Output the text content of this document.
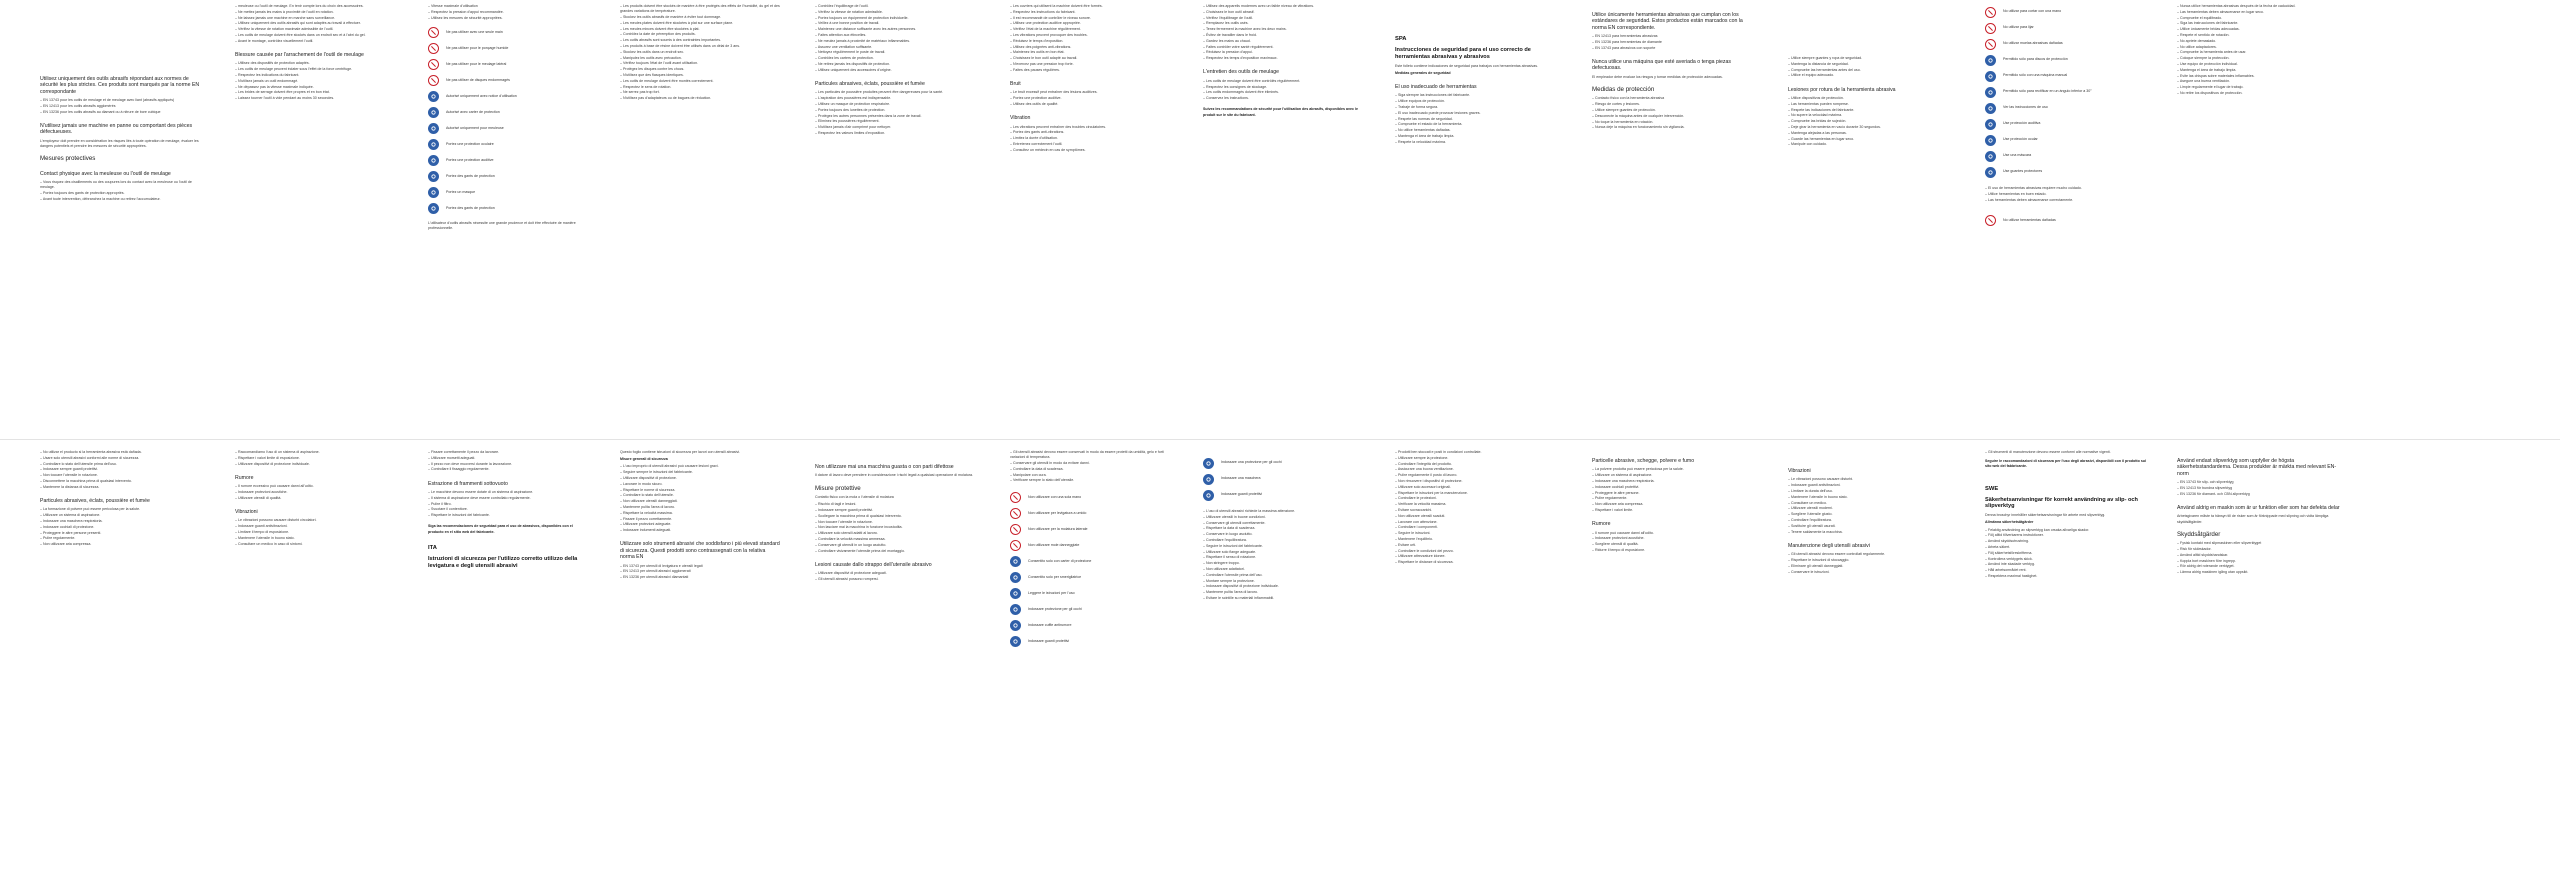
Utilisez uniquement des outils abrasifs répondant aux normes de sécurité les plus strictes. Ces produits sont marqués par la norme EN correspondante
– EN 13743 pour les outils de meulage et de meulage avec liant (abrasifs appliqués)
– EN 12413 pour les outils abrasifs agglomérés
– EN 13236 pour les outils abrasifs au diamant ou à nitrure de bore cubique
N'utilisez jamais une machine en panne ou comportant des pièces défectueuses.

L'employeur doit prendre en considération les risques liés à toute opération de meulage, évaluer les dangers potentiels et prendre les mesures de sécurité appropriées.

Mesures protectives
Contact physique avec la meuleuse ou l'outil de meulage
– Vous risquez des cisaillements ou des coupures lors du contact avec la meuleuse ou l'outil de meulage.
– Portez toujours des gants de protection appropriés.
– Avant toute intervention, débranchez la machine ou retirez l'accumulateur.
– meuleuse ou l'outil de meulage. En tenir compte lors du choix des accessoires.
– Ne mettez jamais les mains à proximité de l'outil en rotation.
– Ne laissez jamais une machine en marche sans surveillance.
– Utilisez uniquement des outils abrasifs qui sont adaptés au travail à effectuer.
– Vérifiez la vitesse de rotation maximale admissible de l'outil.
– Les outils de meulage doivent être stockés dans un endroit sec et à l'abri du gel.
– Avant le montage, contrôlez visuellement l'outil.
Blessure causée par l'arrachement de l'outil de meulage
– Utilisez des dispositifs de protection adaptés.
– Les outils de meulage peuvent éclater sous l'effet de la force centrifuge.
– Respectez les indications du fabricant.
– N'utilisez jamais un outil endommagé.
– Ne dépassez pas la vitesse maximale indiquée.
– Les brides de serrage doivent être propres et en bon état.
– Laissez tourner l'outil à vide pendant au moins 30 secondes.
– Vitesse maximale d'utilisation
– Respectez la pression d'appui recommandée.
– Utilisez les mesures de sécurité appropriées.
Ne pas utiliser avec une seule main
Ne pas utiliser pour le ponçage humide
Ne pas utiliser pour le meulage latéral
Ne pas utiliser de disques endommagés
Autorisé uniquement avec notice d'utilisation
Autorisé avec carter de protection
Autorisé uniquement pour meuleuse
Portez une protection oculaire
Portez une protection auditive
Portez des gants de protection
Portez un masque
Portez des gants de protection

L'utilisateur d'outils abrasifs nécessite une grande prudence et doit être effectuée de manière professionnelle.

– Les produits doivent être stockés de manière à être protégés des effets de l'humidité, du gel et des grandes variations de température.
– Stockez les outils abrasifs de manière à éviter tout dommage.
– Les meules plates doivent être stockées à plat sur une surface plane.
– Les meules minces doivent être stockées à plat.
– Contrôlez la date de péremption des produits.
– Les outils abrasifs sont soumis à des contraintes importantes.
– Les produits à base de résine doivent être utilisés dans un délai de 3 ans.
– Stockez les outils dans un endroit sec.
– Manipulez les outils avec précaution.
– Vérifiez toujours l'état de l'outil avant utilisation.
– Protégez les disques contre les chocs.
– N'utilisez que des flasques identiques.
– Les outils de meulage doivent être montés correctement.
– Respectez le sens de rotation.
– Ne serrez pas trop fort.
– N'utilisez pas d'adaptateurs ou de bagues de réduction.
– Contrôlez l'équilibrage de l'outil.
– Vérifiez la vitesse de rotation admissible.
– Portez toujours un équipement de protection individuelle.
– Veillez à une bonne position de travail.
– Maintenez une distance suffisante avec les autres personnes.
– Faites attention aux étincelles.
– Ne meulez jamais à proximité de matériaux inflammables.
– Assurez une ventilation suffisante.
– Nettoyez régulièrement le poste de travail.
– Contrôlez les carters de protection.
– Ne retirez jamais les dispositifs de protection.
– Utilisez uniquement des accessoires d'origine.
Particules abrasives, éclats, poussière et fumée
– Les particules de poussière produites peuvent être dangereuses pour la santé.
– L'aspiration des poussières est indispensable.
– Utilisez un masque de protection respiratoire.
– Portez toujours des lunettes de protection.
– Protégez les autres personnes présentes dans la zone de travail.
– Eliminez les poussières régulièrement.
– N'utilisez jamais d'air comprimé pour nettoyer.
– Respectez les valeurs limites d'exposition.
– Les ouvriers qui utilisent la machine doivent être formés.
– Respectez les instructions du fabricant.
– Il est recommandé de contrôler le niveau sonore.
– Utilisez une protection auditive appropriée.
– Vérifiez l'état de la machine régulièrement.
– Les vibrations peuvent provoquer des troubles.
– Réduisez le temps d'exposition.
– Utilisez des poignées anti-vibrations.
– Maintenez les outils en bon état.
– Choisissez le bon outil adapté au travail.
– N'exercez pas une pression trop forte.
– Faites des pauses régulières.
Bruit
– Le bruit excessif peut entraîner des lésions auditives.
– Portez une protection auditive.
– Utilisez des outils de qualité.
Vibration
– Les vibrations peuvent entraîner des troubles circulatoires.
– Portez des gants anti-vibrations.
– Limitez la durée d'utilisation.
– Entretenez correctement l'outil.
– Consultez un médecin en cas de symptômes.
– Utilisez des appareils modernes avec un faible niveau de vibrations.
– Choisissez le bon outil abrasif.
– Vérifiez l'équilibrage de l'outil.
– Remplacez les outils usés.
– Tenez fermement la machine avec les deux mains.
– Évitez de travailler dans le froid.
– Gardez les mains au chaud.
– Faites contrôler votre santé régulièrement.
– Réduisez la pression d'appui.
– Respectez les temps d'exposition maximaux.
L'entretien des outils de meulage
– Les outils de meulage doivent être contrôlés régulièrement.
– Respectez les consignes de stockage.
– Les outils endommagés doivent être éliminés.
– Conservez les instructions.

Suivez les recommandations de sécurité pour l'utilisation des abrasifs, disponibles avec le produit sur le site du fabricant.

SPA
Instrucciones de seguridad para el uso correcto de herramientas abrasivas y abrasivos

Este folleto contiene indicaciones de seguridad para trabajos con herramientas abrasivas.

Medidas generales de seguridad

El uso inadecuado de herramientas
– Siga siempre las instrucciones del fabricante.
– Utilice equipos de protección.
– Trabaje de forma segura.
– El uso inadecuado puede provocar lesiones graves.
– Respete las normas de seguridad.
– Compruebe el estado de la herramienta.
– No utilice herramientas dañadas.
– Mantenga el área de trabajo limpia.
– Respete la velocidad máxima.
Utilice únicamente herramientas abrasivas que cumplan con los estándares de seguridad. Estos productos están marcados con la norma EN correspondiente.
– EN 12413 para herramientas abrasivas
– EN 13236 para herramientas de diamante
– EN 13743 para abrasivos con soporte
Nunca utilice una máquina que esté averiada o tenga piezas defectuosas.

El empleador debe evaluar los riesgos y tomar medidas de protección adecuadas.

Medidas de protección
– Contacto físico con la herramienta abrasiva
– Riesgo de cortes y lesiones.
– Utilice siempre guantes de protección.
– Desconecte la máquina antes de cualquier intervención.
– No toque la herramienta en rotación.
– Nunca deje la máquina en funcionamiento sin vigilancia.
– Utilice siempre guantes y ropa de seguridad.
– Mantenga la distancia de seguridad.
– Compruebe las herramientas antes del uso.
– Utilice el equipo adecuado.
Lesiones por rotura de la herramienta abrasiva
– Utilice dispositivos de protección.
– Las herramientas pueden romperse.
– Respete las indicaciones del fabricante.
– No supere la velocidad máxima.
– Compruebe las bridas de sujeción.
– Deje girar la herramienta en vacío durante 30 segundos.
– Mantenga alejadas a las personas.
– Guarde las herramientas en lugar seco.
– Manipule con cuidado.
No utilizar para cortar con una mano
No utilizar para lijar
No utilizar muelas abrasivas dañadas
Permitido sólo para discos de protección
Permitido sólo con una máquina manual
Permitido sólo para rectificar en un ángulo inferior a 30°
Ver las instrucciones de uso
Use protección auditiva
Use protección ocular
Use una máscara
Use guantes protectores
– El uso de herramientas abrasivas requiere mucho cuidado.
– Utilice herramientas en buen estado.
– Las herramientas deben almacenarse correctamente.
No utilizar herramientas dañadas
– Nunca utilice herramientas abrasivas después de la fecha de caducidad.
– Las herramientas deben almacenarse en lugar seco.
– Compruebe el equilibrado.
– Siga las instrucciones del fabricante.
– Utilice únicamente bridas adecuadas.
– Respete el sentido de rotación.
– No apriete demasiado.
– No utilice adaptadores.
– Compruebe la herramienta antes de usar.
– Coloque siempre la protección.
– Use equipo de protección individual.
– Mantenga el área de trabajo limpia.
– Evite las chispas sobre materiales inflamables.
– Asegure una buena ventilación.
– Limpie regularmente el lugar de trabajo.
– No retire los dispositivos de protección.
– No utilizar el producto si la herramienta abrasiva está dañada.
– Usare solo utensili abrasivi conformi alle norme di sicurezza.
– Controllare lo stato dell'utensile prima dell'uso.
– Indossare sempre guanti protettivi.
– Non toccare l'utensile in rotazione.
– Disconnettere la macchina prima di qualsiasi intervento.
– Mantenere la distanza di sicurezza.
Particules abrasives, éclats, poussière et fumée
– La formazione di polvere può essere pericolosa per la salute.
– Utilizzare un sistema di aspirazione.
– Indossare una maschera respiratoria.
– Indossare occhiali di protezione.
– Proteggere le altre persone presenti.
– Pulire regolarmente.
– Non utilizzare aria compressa.
– Raccomandiamo l'uso di un sistema di aspirazione.
– Rispettare i valori limite di esposizione.
– Utilizzare dispositivi di protezione individuale.
Rumore
– Il rumore eccessivo può causare danni all'udito.
– Indossare protezioni acustiche.
– Utilizzare utensili di qualità.
Vibrazioni
– Le vibrazioni possono causare disturbi circolatori.
– Indossare guanti antivibrazioni.
– Limitare il tempo di esposizione.
– Mantenere l'utensile in buono stato.
– Consultare un medico in caso di sintomi.
– Fissare correttamente il pezzo da lavorare.
– Utilizzare morsetti adeguati.
– Il pezzo non deve muoversi durante la lavorazione.
– Controllare il fissaggio regolarmente.
Estrazione di frammenti sottovuoto
– Le macchine devono essere dotate di un sistema di aspirazione.
– Il sistema di aspirazione deve essere controllato regolarmente.
– Pulire il filtro.
– Svuotare il contenitore.
– Rispettare le istruzioni del fabricante.

Siga las recomendaciones de seguridad para el uso de abrasivos, disponibles con el producto en el sitio web del fabricante.

ITA
Istruzioni di sicurezza per l'utilizzo corretto utilizzo della levigatura e degli utensili abrasivi

Questo foglio contiene istruzioni di sicurezza per lavori con utensili abrasivi.

Misure generali di sicurezza

– L'uso improprio di utensili abrasivi può causare lesioni gravi.
– Seguire sempre le istruzioni del fabbricante.
– Utilizzare dispositivi di protezione.
– Lavorare in modo sicuro.
– Rispettare le norme di sicurezza.
– Controllare lo stato dell'utensile.
– Non utilizzare utensili danneggiati.
– Mantenere pulita l'area di lavoro.
– Rispettare la velocità massima.
– Fissare il pezzo correttamente.
– Utilizzare protezioni adeguate.
– Indossare indumenti adeguati.
Utilizzare solo strumenti abrasivi che soddisfano i più elevati standard di sicurezza. Questi prodotti sono contrassegnati con la relativa norma EN
– EN 13743 per utensili di levigatura e utensili legati
– EN 12413 per utensili abrasivi agglomerati
– EN 13236 per utensili abrasivi diamantati
Non utilizzare mai una macchina guasta o con parti difettose

Il datore di lavoro deve prendere in considerazione i rischi legati a qualsiasi operazione di molatura.

Misure protettive

Contatto fisico con la mola o l'utensile di molatura

– Rischio di tagli e lesioni.
– Indossare sempre guanti protettivi.
– Scollegare la macchina prima di qualsiasi intervento.
– Non toccare l'utensile in rotazione.
– Non lasciare mai la macchina in funzione incustodita.
– Utilizzare solo utensili adatti al lavoro.
– Controllare la velocità massima ammessa.
– Conservare gli utensili in un luogo asciutto.
– Controllare visivamente l'utensile prima del montaggio.
Lesioni causate dallo strappo dell'utensile abrasivo
– Utilizzare dispositivi di protezione adeguati.
– Gli utensili abrasivi possono rompersi.
– Gli utensili abrasivi devono essere conservati in modo da essere protetti da umidità, gelo e forti variazioni di temperatura.
– Conservare gli utensili in modo da evitare danni.
– Controllare la data di scadenza.
– Manipolare con cura.
– Verificare sempre lo stato dell'utensile.
Non utilizzare con una sola mano
Non utilizzare per levigatura a umido
Non utilizzare per la molatura laterale
Non utilizzare mole danneggiate
Consentito solo con carter di protezione
Consentito solo per smerigliatrice
Leggere le istruzioni per l'uso
Indossare protezione per gli occhi
Indossare cuffie antirumore
Indossare guanti protettivi
Indossare una protezione per gli occhi
Indossare una maschera
Indossare guanti protettivi
– L'uso di utensili abrasivi richiede la massima attenzione.
– Utilizzare utensili in buone condizioni.
– Conservare gli utensili correttamente.
– Rispettare la data di scadenza.
– Conservare in luogo asciutto.
– Controllare l'equilibratura.
– Seguire le istruzioni del fabbricante.
– Utilizzare solo flange adeguate.
– Rispettare il senso di rotazione.
– Non stringere troppo.
– Non utilizzare adattatori.
– Controllare l'utensile prima dell'uso.
– Montare sempre la protezione.
– Indossare dispositivi di protezione individuale.
– Mantenere pulita l'area di lavoro.
– Evitare le scintille su materiali infiammabili.
– Prodotti ben stoccati e posti in condizioni controllate.
– Utilizzare sempre la protezione.
– Controllare l'integrità del prodotto.
– Assicurare una buona ventilazione.
– Pulire regolarmente il posto di lavoro.
– Non rimuovere i dispositivi di protezione.
– Utilizzare solo accessori originali.
– Rispettare le istruzioni per la manutenzione.
– Controllare le protezioni.
– Verificare la velocità massima.
– Evitare sovraccarichi.
– Non utilizzare utensili scaduti.
– Lavorare con attenzione.
– Controllare i componenti.
– Seguire le istruzioni.
– Mantenere l'equilibrio.
– Evitare urti.
– Controllare le condizioni del pezzo.
– Utilizzare attrezzature idonee.
– Rispettare le distanze di sicurezza.
Particelle abrasive, schegge, polvere e fumo
– La polvere prodotta può essere pericolosa per la salute.
– Utilizzare un sistema di aspirazione.
– Indossare una maschera respiratoria.
– Indossare occhiali protettivi.
– Proteggere le altre persone.
– Pulire regolarmente.
– Non utilizzare aria compressa.
– Rispettare i valori limite.
Rumore
– Il rumore può causare danni all'udito.
– Indossare protezioni acustiche.
– Scegliere utensili di qualità.
– Ridurre il tempo di esposizione.
Vibrazioni
– Le vibrazioni possono causare disturbi.
– Indossare guanti antivibrazioni.
– Limitare la durata dell'uso.
– Mantenere l'utensile in buono stato.
– Consultare un medico.
– Utilizzare utensili moderni.
– Scegliere l'utensile giusto.
– Controllare l'equilibratura.
– Sostituire gli utensili usurati.
– Tenere saldamente la macchina.
Manutenzione degli utensili abrasivi
– Gli utensili abrasivi devono essere controllati regolarmente.
– Rispettare le istruzioni di stoccaggio.
– Eliminare gli utensili danneggiati.
– Conservare le istruzioni.
– Gli strumenti di manutenzione devono essere conformi alle normative vigenti.

Seguire le raccomandazioni di sicurezza per l'uso degli abrasivi, disponibili con il prodotto sul sito web del fabbricante.

SWE
Säkerhetsanvisningar för korrekt användning av slip- och slipverktyg

Denna broschyr innehåller säkerhetsanvisningar för arbete med slipverktyg.

Allmänna säkerhetsåtgärder

– Felaktig användning av slipverktyg kan orsaka allvarliga skador.
– Följ alltid tillverkarens instruktioner.
– Använd skyddsutrustning.
– Arbeta säkert.
– Följ säkerhetsföreskrifterna.
– Kontrollera verktygets skick.
– Använd inte skadade verktyg.
– Håll arbetsområdet rent.
– Respektera maximal hastighet.
Använd endast slipverktyg som uppfyller de högsta säkerhetsstandarderna. Dessa produkter är märkta med relevant EN-norm
– EN 13743 för slip- och slipverktyg
– EN 12413 för bundna slipverktyg
– EN 13236 för diamant- och CBN-slipverktyg
Använd aldrig en maskin som är ur funktion eller som har defekta delar

Arbetsgivaren måste ta hänsyn till de risker som är förknippade med slipning och vidta lämpliga skyddsåtgärder.

Skyddsåtgärder
– Fysisk kontakt med slipmaskinen eller slipverktyget
– Risk för skärskador.
– Använd alltid skyddshandskar.
– Koppla bort maskinen före ingrepp.
– Rör aldrig det roterande verktyget.
– Lämna aldrig maskinen igång utan uppsikt.
